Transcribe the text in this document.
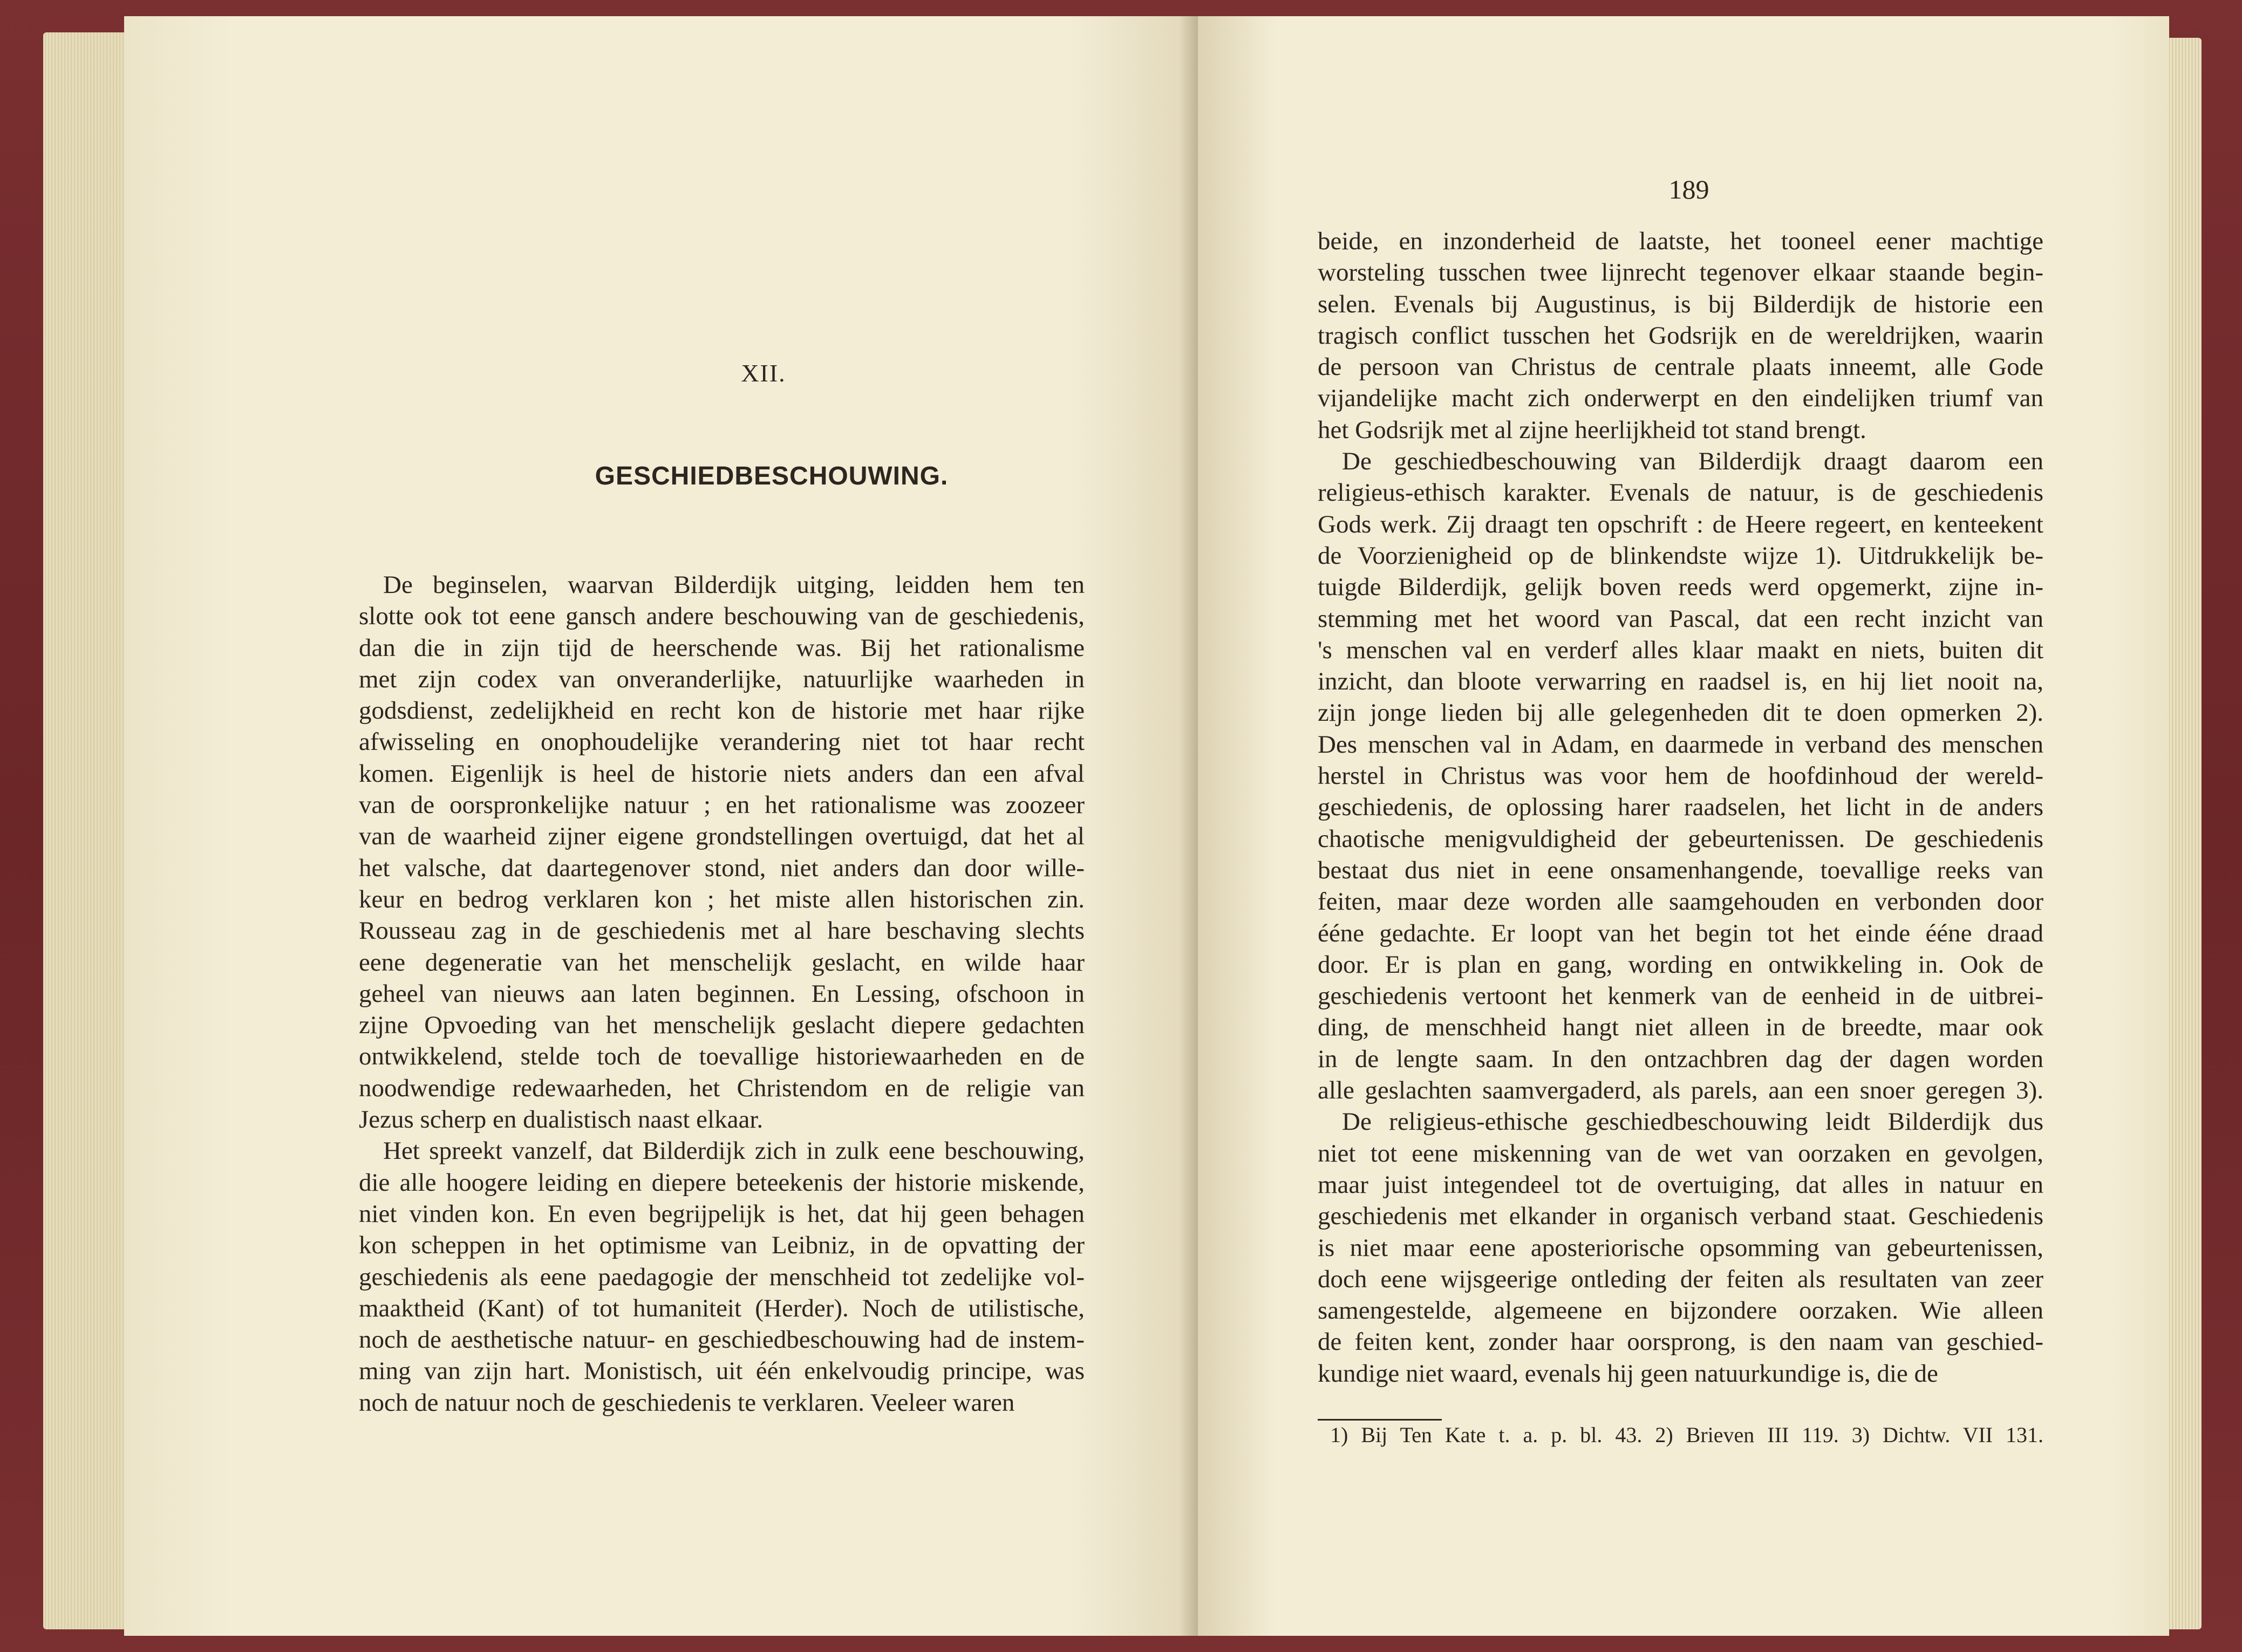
XII.
GESCHIEDBESCHOUWING.
De beginselen, waarvan Bilderdijk uitging, leidden hem ten
slotte ook tot eene gansch andere beschouwing van de geschiedenis,
dan die in zijn tijd de heerschende was. Bij het rationalisme
met zijn codex van onveranderlijke, natuurlijke waarheden in
godsdienst, zedelijkheid en recht kon de historie met haar rijke
afwisseling en onophoudelijke verandering niet tot haar recht
komen. Eigenlijk is heel de historie niets anders dan een afval
van de oorspronkelijke natuur ; en het rationalisme was zoozeer
van de waarheid zijner eigene grondstellingen overtuigd, dat het al
het valsche, dat daartegenover stond, niet anders dan door wille-
keur en bedrog verklaren kon ; het miste allen historischen zin.
Rousseau zag in de geschiedenis met al hare beschaving slechts
eene degeneratie van het menschelijk geslacht, en wilde haar
geheel van nieuws aan laten beginnen. En Lessing, ofschoon in
zijne Opvoeding van het menschelijk geslacht diepere gedachten
ontwikkelend, stelde toch de toevallige historiewaarheden en de
noodwendige redewaarheden, het Christendom en de religie van
Jezus scherp en dualistisch naast elkaar.
Het spreekt vanzelf, dat Bilderdijk zich in zulk eene beschouwing,
die alle hoogere leiding en diepere beteekenis der historie miskende,
niet vinden kon. En even begrijpelijk is het, dat hij geen behagen
kon scheppen in het optimisme van Leibniz, in de opvatting der
geschiedenis als eene paedagogie der menschheid tot zedelijke vol-
maaktheid (Kant) of tot humaniteit (Herder). Noch de utilistische,
noch de aesthetische natuur- en geschiedbeschouwing had de instem-
ming van zijn hart. Monistisch, uit één enkelvoudig principe, was
noch de natuur noch de geschiedenis te verklaren. Veeleer waren
189
beide, en inzonderheid de laatste, het tooneel eener machtige
worsteling tusschen twee lijnrecht tegenover elkaar staande begin-
selen. Evenals bij Augustinus, is bij Bilderdijk de historie een
tragisch conflict tusschen het Godsrijk en de wereldrijken, waarin
de persoon van Christus de centrale plaats inneemt, alle Gode
vijandelijke macht zich onderwerpt en den eindelijken triumf van
het Godsrijk met al zijne heerlijkheid tot stand brengt.
De geschiedbeschouwing van Bilderdijk draagt daarom een
religieus-ethisch karakter. Evenals de natuur, is de geschiedenis
Gods werk. Zij draagt ten opschrift : de Heere regeert, en kenteekent
de Voorzienigheid op de blinkendste wijze 1). Uitdrukkelijk be-
tuigde Bilderdijk, gelijk boven reeds werd opgemerkt, zijne in-
stemming met het woord van Pascal, dat een recht inzicht van
's menschen val en verderf alles klaar maakt en niets, buiten dit
inzicht, dan bloote verwarring en raadsel is, en hij liet nooit na,
zijn jonge lieden bij alle gelegenheden dit te doen opmerken 2).
Des menschen val in Adam, en daarmede in verband des menschen
herstel in Christus was voor hem de hoofdinhoud der wereld-
geschiedenis, de oplossing harer raadselen, het licht in de anders
chaotische menigvuldigheid der gebeurtenissen. De geschiedenis
bestaat dus niet in eene onsamenhangende, toevallige reeks van
feiten, maar deze worden alle saamgehouden en verbonden door
ééne gedachte. Er loopt van het begin tot het einde ééne draad
door. Er is plan en gang, wording en ontwikkeling in. Ook de
geschiedenis vertoont het kenmerk van de eenheid in de uitbrei-
ding, de menschheid hangt niet alleen in de breedte, maar ook
in de lengte saam. In den ontzachbren dag der dagen worden
alle geslachten saamvergaderd, als parels, aan een snoer geregen 3).
De religieus-ethische geschiedbeschouwing leidt Bilderdijk dus
niet tot eene miskenning van de wet van oorzaken en gevolgen,
maar juist integendeel tot de overtuiging, dat alles in natuur en
geschiedenis met elkander in organisch verband staat. Geschiedenis
is niet maar eene aposteriorische opsomming van gebeurtenissen,
doch eene wijsgeerige ontleding der feiten als resultaten van zeer
samengestelde, algemeene en bijzondere oorzaken. Wie alleen
de feiten kent, zonder haar oorsprong, is den naam van geschied-
kundige niet waard, evenals hij geen natuurkundige is, die de
1) Bij Ten Kate t. a. p. bl. 43. 2) Brieven III 119. 3) Dichtw. VII 131.
